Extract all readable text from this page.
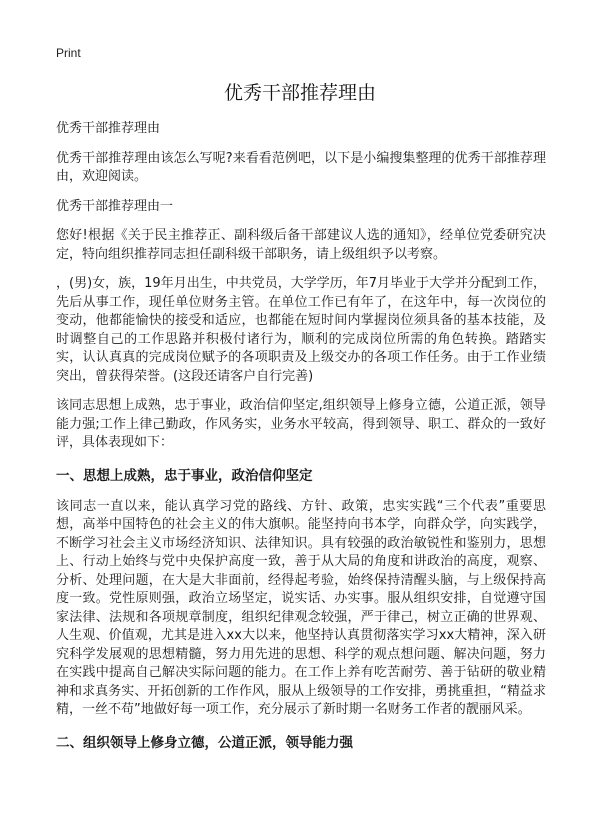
Print
优秀干部推荐理由

优秀干部推荐理由

优秀干部推荐理由该怎么写呢?来看看范例吧，以下是小编搜集整理的优秀干部推荐理由，欢迎阅读。

优秀干部推荐理由一

您好!根据《关于民主推荐正、副科级后备干部建议人选的通知》，经单位党委研究决定，特向组织推荐同志担任副科级干部职务，请上级组织予以考察。

，(男)女，族，19年月出生，中共党员，大学学历，年7月毕业于大学并分配到工作，先后从事工作，现任单位财务主管。在单位工作已有年了，在这年中，每一次岗位的变动，他都能愉快的接受和适应，也都能在短时间内掌握岗位须具备的基本技能，及时调整自己的工作思路并积极付诸行为，顺利的完成岗位所需的角色转换。踏踏实实，认认真真的完成岗位赋予的各项职责及上级交办的各项工作任务。由于工作业绩突出，曾获得荣誉。(这段还请客户自行完善)

该同志思想上成熟，忠于事业，政治信仰坚定,组织领导上修身立德，公道正派，领导能力强;工作上律己勤政，作风务实，业务水平较高，得到领导、职工、群众的一致好评，具体表现如下：

一、思想上成熟，忠于事业，政治信仰坚定

该同志一直以来，能认真学习党的路线、方针、政策，忠实实践“三个代表”重要思想，高举中国特色的社会主义的伟大旗帜。能坚持向书本学，向群众学，向实践学，不断学习社会主义市场经济知识、法律知识。具有较强的政治敏锐性和鉴别力，思想上、行动上始终与党中央保护高度一致，善于从大局的角度和讲政治的高度，观察、分析、处理问题，在大是大非面前，经得起考验，始终保持清醒头脑，与上级保持高度一致。党性原则强，政治立场坚定，说实话、办实事。服从组织安排，自觉遵守国家法律、法规和各项规章制度，组织纪律观念较强，严于律己，树立正确的世界观、人生观、价值观，尤其是进入xx大以来，他坚持认真贯彻落实学习xx大精神，深入研究科学发展观的思想精髓，努力用先进的思想、科学的观点想问题、解决问题，努力在实践中提高自己解决实际问题的能力。在工作上养有吃苦耐劳、善于钻研的敬业精神和求真务实、开拓创新的工作作风，服从上级领导的工作安排，勇挑重担，“精益求精，一丝不苟”地做好每一项工作，充分展示了新时期一名财务工作者的靓丽风采。

二、组织领导上修身立德，公道正派，领导能力强
